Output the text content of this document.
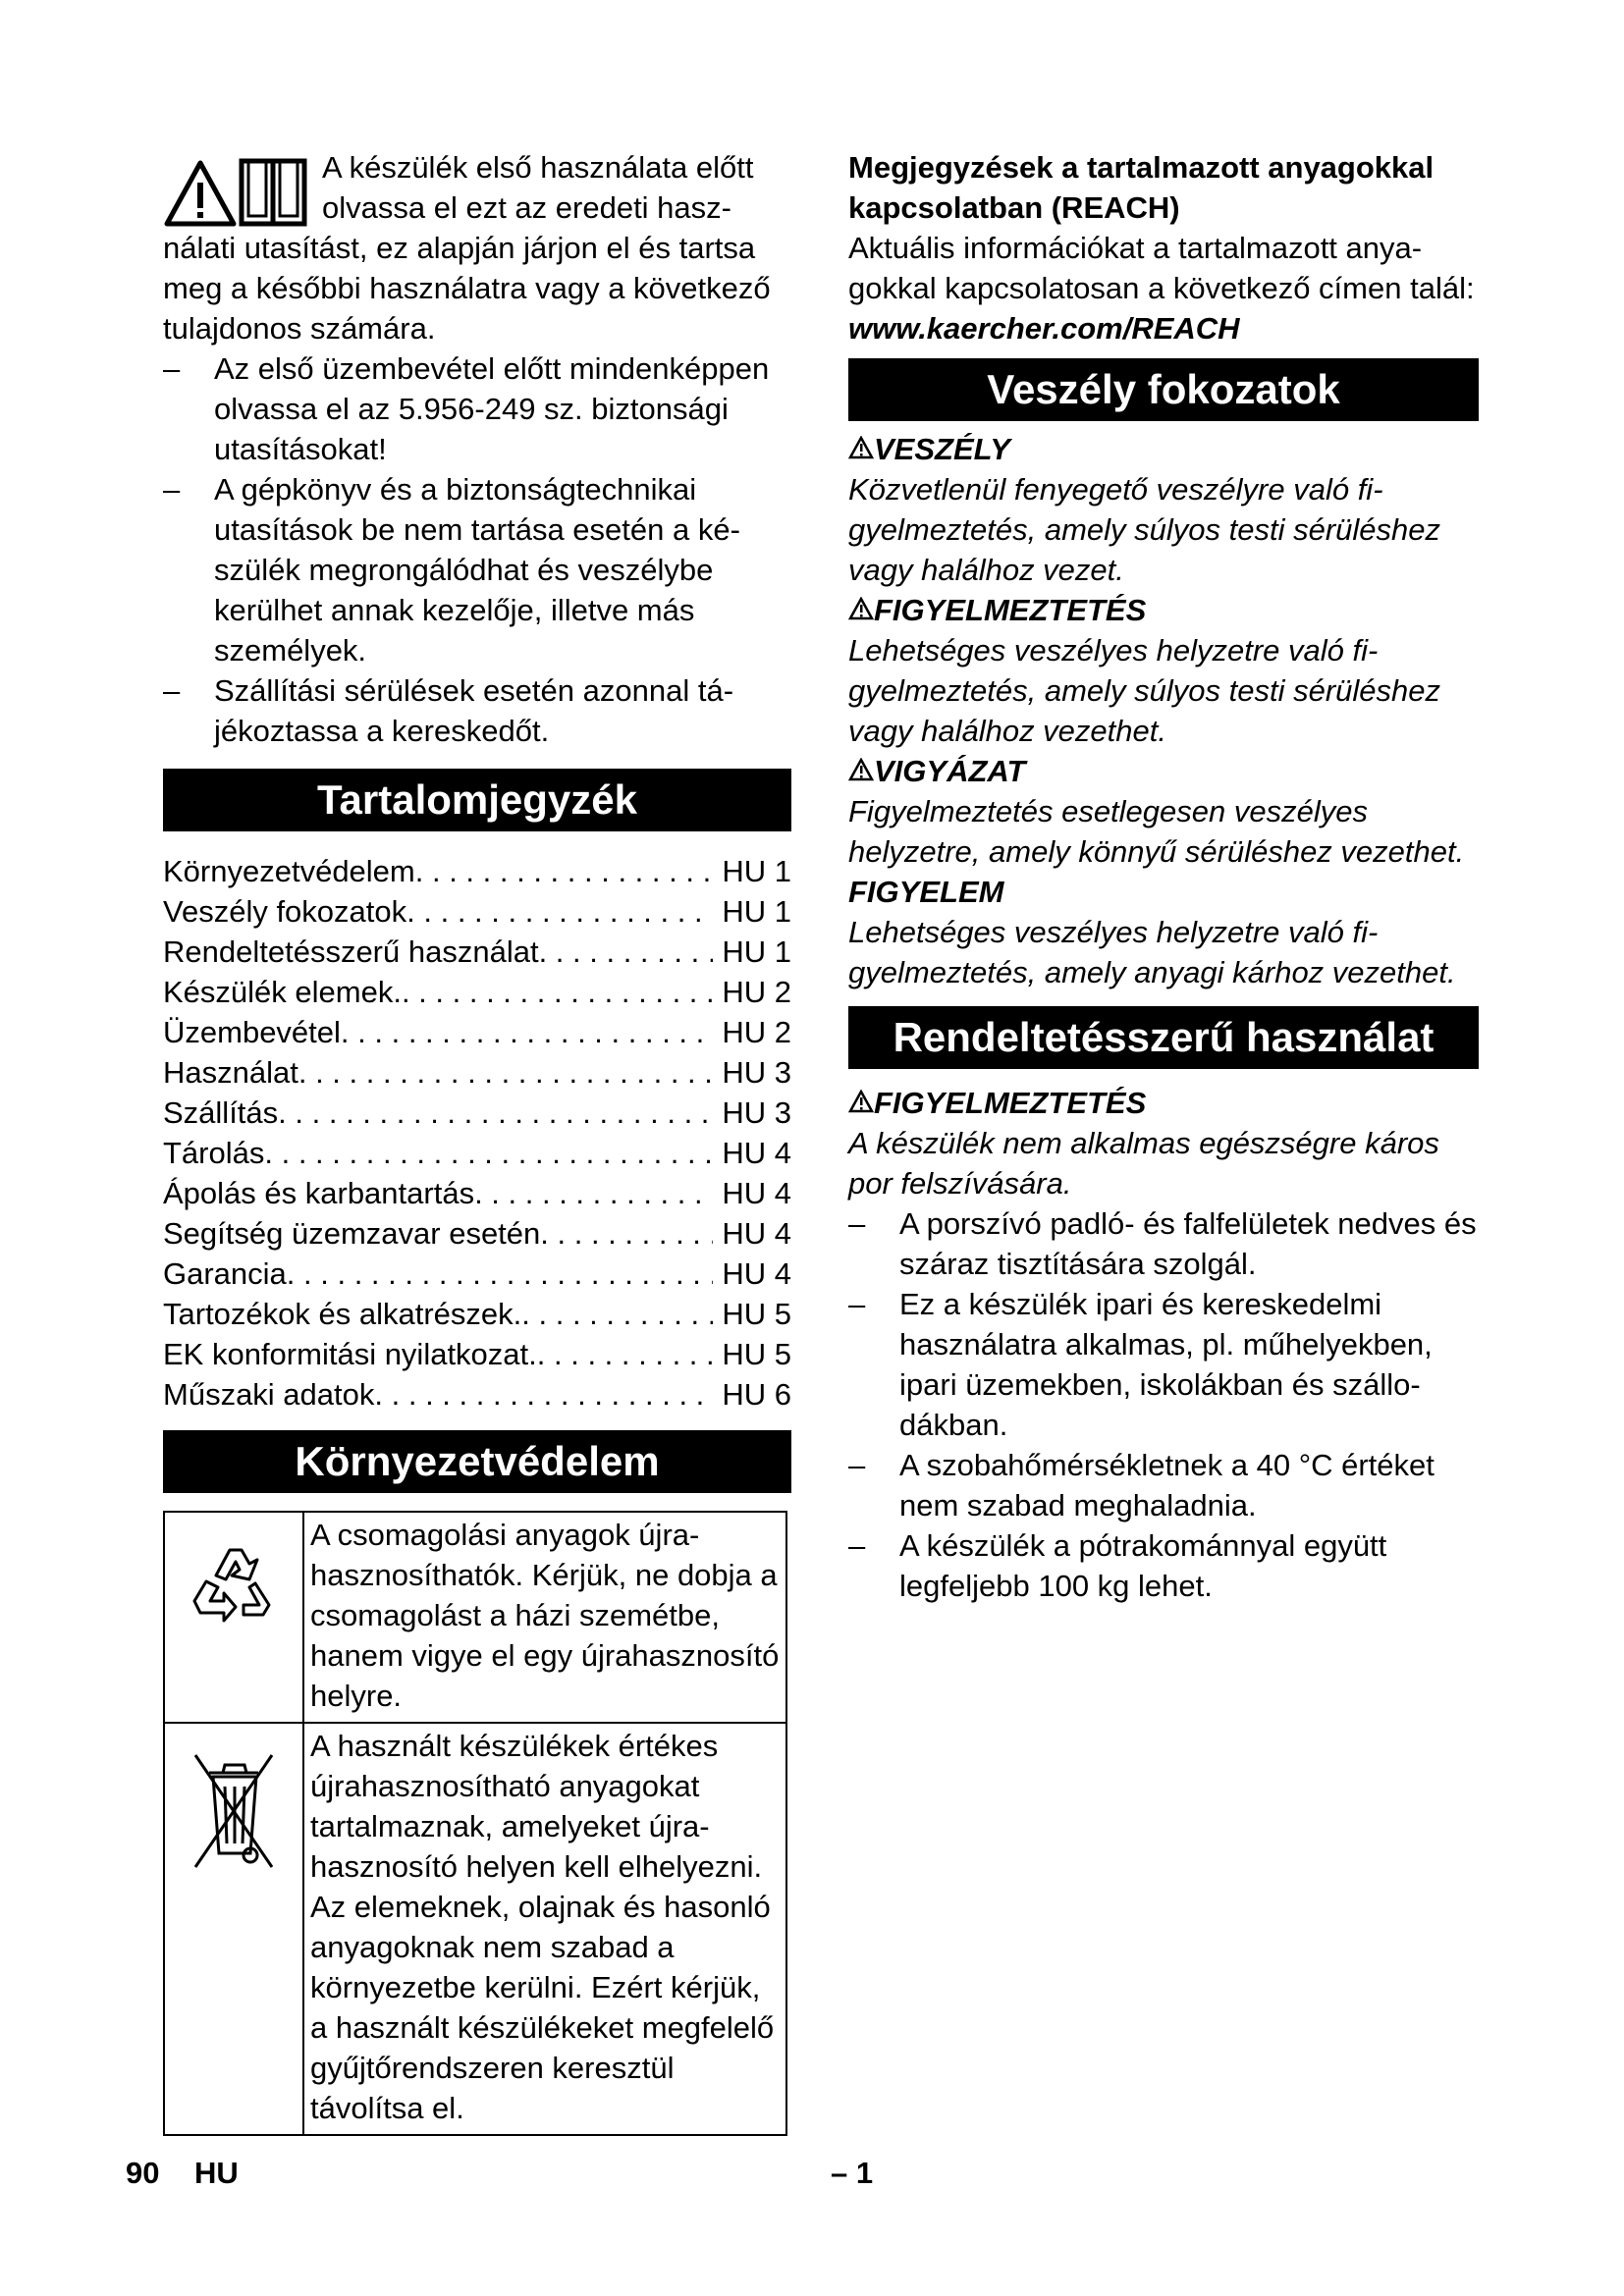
A készülék első használata előtt
olvassa el ezt az eredeti hasz-
nálati utasítást, ez alapján járjon el és tartsa meg a későbbi használatra vagy a következő tulajdonos számára.
– Az első üzembevétel előtt mindenképpen olvassa el az 5.956-249 sz. biztonsági utasításokat!
– A gépkönyv és a biztonságtechnikai utasítások be nem tartása esetén a készülék megrongálódhat és veszélybe kerülhet annak kezelője, illetve más személyek.
– Szállítási sérülések esetén azonnal tájékoztassa a kereskedőt.
Tartalomjegyzék
Környezetvédelem . . .	HU 1
Veszély fokozatok . . .	HU 1
Rendeltetésszerű használat . . .	HU 1
Készülék elemek. . . .	HU 2
Üzembevétel . . .	HU 2
Használat . . .	HU 3
Szállítás . . .	HU 3
Tárolás . . .	HU 4
Ápolás és karbantartás . . .	HU 4
Segítség üzemzavar esetén . . .	HU 4
Garancia . . .	HU 4
Tartozékok és alkatrészek. . . .	HU 5
EK konformitási nyilatkozat. . . .	HU 5
Műszaki adatok . . .	HU 6
Környezetvédelem
	A csomagolási anyagok újrahasznosíthatók. Kérjük, ne dobja a csomagolást a házi szemétbe, hanem vigye el egy újrahasznosító helyre.
	A használt készülékek értékes újrahasznosítható anyagokat tartalmaznak, amelyeket újrahasznosító helyen kell elhelyezni. Az elemeknek, olajnak és hasonló anyagoknak nem szabad a környezetbe kerülni. Ezért kérjük, a használt készülékeket megfelelő gyűjtőrendszeren keresztül távolítsa el.
Megjegyzések a tartalmazott anyagokkal kapcsolatban (REACH)
Aktuális információkat a tartalmazott anyagokkal kapcsolatosan a következő címen talál:
www.kaercher.com/REACH
Veszély fokozatok
VESZÉLY
Közvetlenül fenyegető veszélyre való figyelmeztetés, amely súlyos testi sérüléshez vagy halálhoz vezet.
FIGYELMEZTETÉS
Lehetséges veszélyes helyzetre való figyelmeztetés, amely súlyos testi sérüléshez vagy halálhoz vezethet.
VIGYÁZAT
Figyelmeztetés esetlegesen veszélyes helyzetre, amely könnyű sérüléshez vezethet.
FIGYELEM
Lehetséges veszélyes helyzetre való figyelmeztetés, amely anyagi kárhoz vezethet.
Rendeltetésszerű használat
FIGYELMEZTETÉS
A készülék nem alkalmas egészségre káros por felszívására.
– A porszívó padló- és falfelületek nedves és száraz tisztítására szolgál.
– Ez a készülék ipari és kereskedelmi használatra alkalmas, pl. műhelyekben, ipari üzemekben, iskolákban és szállodákban.
– A szobahőmérsékletnek a 40 °C értéket nem szabad meghaladnia.
– A készülék a pótrakománnyal együtt legfeljebb 100 kg lehet.
90 HU	– 1
